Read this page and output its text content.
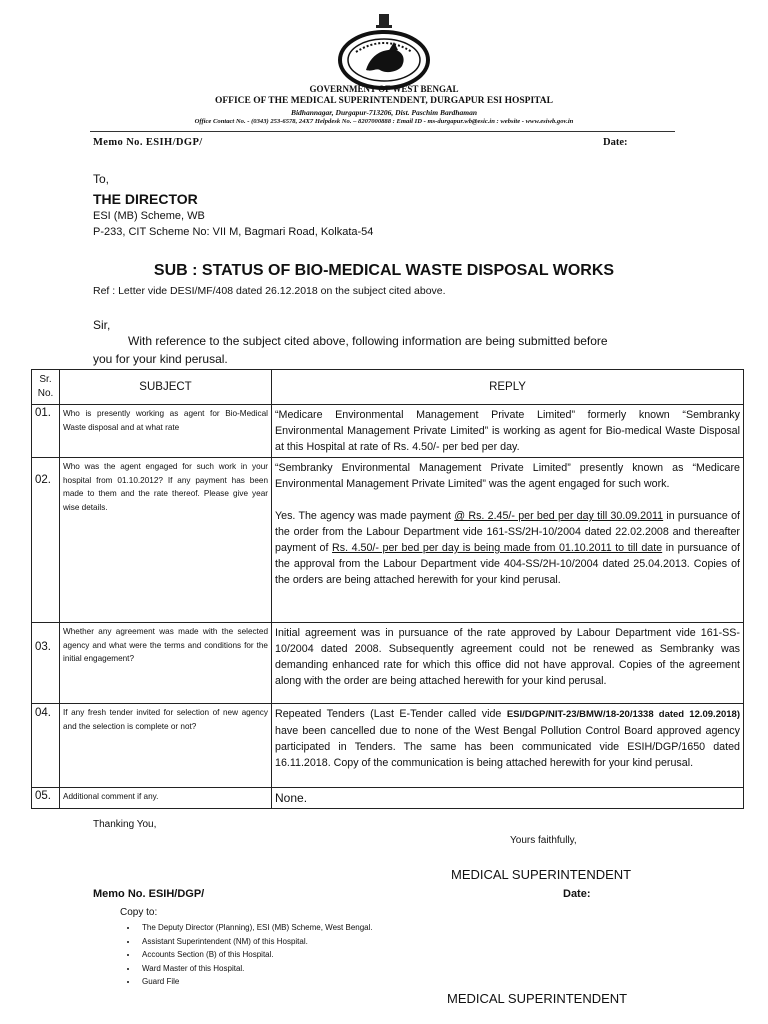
GOVERNMENT OF WEST BENGAL
OFFICE OF THE MEDICAL SUPERINTENDENT, DURGAPUR ESI HOSPITAL
Bidhannagar, Durgapur-713206, Dist. Paschim Bardhaman
Office Contact No. - (0343) 253-6578, 24X7 Helpdesk No. – 8207000888 : Email ID - ms-durgapur.wb@esic.in : website - www.esiwb.gov.in
Memo No. ESIH/DGP/	Date:
To,
THE DIRECTOR
ESI (MB) Scheme, WB
P-233, CIT Scheme No: VII M, Bagmari Road, Kolkata-54
SUB : STATUS OF BIO-MEDICAL WASTE DISPOSAL WORKS
Ref : Letter vide DESI/MF/408 dated 26.12.2018 on the subject cited above.
Sir,
With reference to the subject cited above, following information are being submitted before
you for your kind perusal.
Sr. No.	SUBJECT	REPLY
01.	Who is presently working as agent for Bio-Medical Waste disposal and at what rate	“Medicare Environmental Management Private Limited” formerly known “Sembranky Environmental Management Private Limited” is working as agent for Bio-medical Waste Disposal at this Hospital at rate of Rs. 4.50/- per bed per day.
02.	Who was the agent engaged for such work in your hospital from 01.10.2012? If any payment has been made to them and the rate thereof. Please give year wise details.	“Sembranky Environmental Management Private Limited” presently known as “Medicare Environmental Management Private Limited” was the agent engaged for such work.
Yes. The agency was made payment @ Rs. 2.45/- per bed per day till 30.09.2011 in pursuance of the order from the Labour Department vide 161-SS/2H-10/2004 dated 22.02.2008 and thereafter payment of Rs. 4.50/- per bed per day is being made from 01.10.2011 to till date in pursuance of the approval from the Labour Department vide 404-SS/2H-10/2004 dated 25.04.2013. Copies of the orders are being attached herewith for your kind perusal.

03.	Whether any agreement was made with the selected agency and what were the terms and conditions for the initial engagement?	Initial agreement was in pursuance of the rate approved by Labour Department vide 161-SS-10/2004 dated 2008. Subsequently agreement could not be renewed as Sembranky was demanding enhanced rate for which this office did not have approval. Copies of the agreement along with the order are being attached herewith for your kind perusal.
04.	If any fresh tender invited for selection of new agency and the selection is complete or not?	Repeated Tenders (Last E-Tender called vide ESI/DGP/NIT-23/BMW/18-20/1338 dated 12.09.2018) have been cancelled due to none of the West Bengal Pollution Control Board approved agency participated in Tenders. The same has been communicated vide ESIH/DGP/1650 dated 16.11.2018. Copy of the communication is being attached herewith for your kind perusal.
05.	Additional comment if any.	None.
Thanking You,
Yours faithfully,
MEDICAL SUPERINTENDENT
Memo No. ESIH/DGP/	Date:
Copy to:
• The Deputy Director (Planning), ESI (MB) Scheme, West Bengal.
• Assistant Superintendent (NM) of this Hospital.
• Accounts Section (B) of this Hospital.
• Ward Master of this Hospital.
• Guard File
MEDICAL SUPERINTENDENT
